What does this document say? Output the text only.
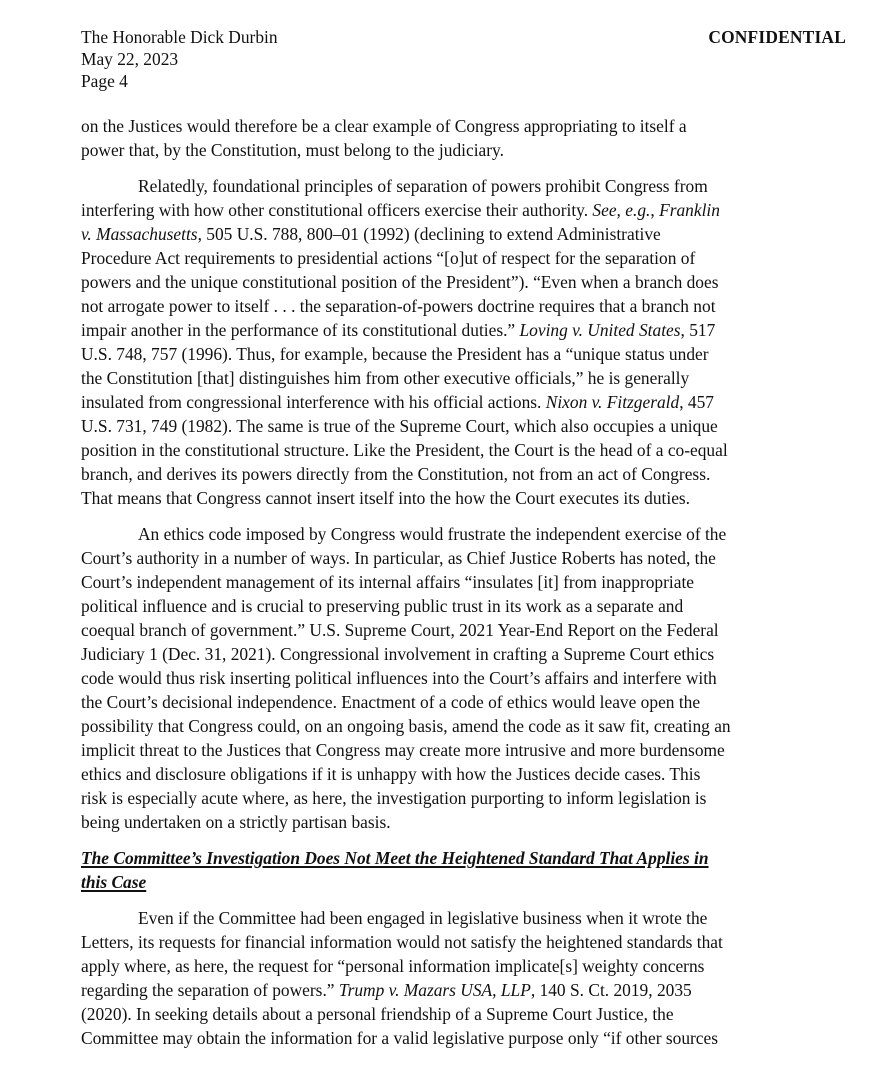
The Honorable Dick Durbin
May 22, 2023
Page 4
CONFIDENTIAL
on the Justices would therefore be a clear example of Congress appropriating to itself a
power that, by the Constitution, must belong to the judiciary.
Relatedly, foundational principles of separation of powers prohibit Congress from
interfering with how other constitutional officers exercise their authority. See, e.g., Franklin
v. Massachusetts, 505 U.S. 788, 800–01 (1992) (declining to extend Administrative
Procedure Act requirements to presidential actions “[o]ut of respect for the separation of
powers and the unique constitutional position of the President”). “Even when a branch does
not arrogate power to itself . . . the separation-of-powers doctrine requires that a branch not
impair another in the performance of its constitutional duties.” Loving v. United States, 517
U.S. 748, 757 (1996). Thus, for example, because the President has a “unique status under
the Constitution [that] distinguishes him from other executive officials,” he is generally
insulated from congressional interference with his official actions. Nixon v. Fitzgerald, 457
U.S. 731, 749 (1982). The same is true of the Supreme Court, which also occupies a unique
position in the constitutional structure. Like the President, the Court is the head of a co-equal
branch, and derives its powers directly from the Constitution, not from an act of Congress.
That means that Congress cannot insert itself into the how the Court executes its duties.
An ethics code imposed by Congress would frustrate the independent exercise of the
Court’s authority in a number of ways. In particular, as Chief Justice Roberts has noted, the
Court’s independent management of its internal affairs “insulates [it] from inappropriate
political influence and is crucial to preserving public trust in its work as a separate and
coequal branch of government.” U.S. Supreme Court, 2021 Year-End Report on the Federal
Judiciary 1 (Dec. 31, 2021). Congressional involvement in crafting a Supreme Court ethics
code would thus risk inserting political influences into the Court’s affairs and interfere with
the Court’s decisional independence. Enactment of a code of ethics would leave open the
possibility that Congress could, on an ongoing basis, amend the code as it saw fit, creating an
implicit threat to the Justices that Congress may create more intrusive and more burdensome
ethics and disclosure obligations if it is unhappy with how the Justices decide cases. This
risk is especially acute where, as here, the investigation purporting to inform legislation is
being undertaken on a strictly partisan basis.
The Committee’s Investigation Does Not Meet the Heightened Standard That Applies in
this Case
Even if the Committee had been engaged in legislative business when it wrote the
Letters, its requests for financial information would not satisfy the heightened standards that
apply where, as here, the request for “personal information implicate[s] weighty concerns
regarding the separation of powers.” Trump v. Mazars USA, LLP, 140 S. Ct. 2019, 2035
(2020). In seeking details about a personal friendship of a Supreme Court Justice, the
Committee may obtain the information for a valid legislative purpose only “if other sources
